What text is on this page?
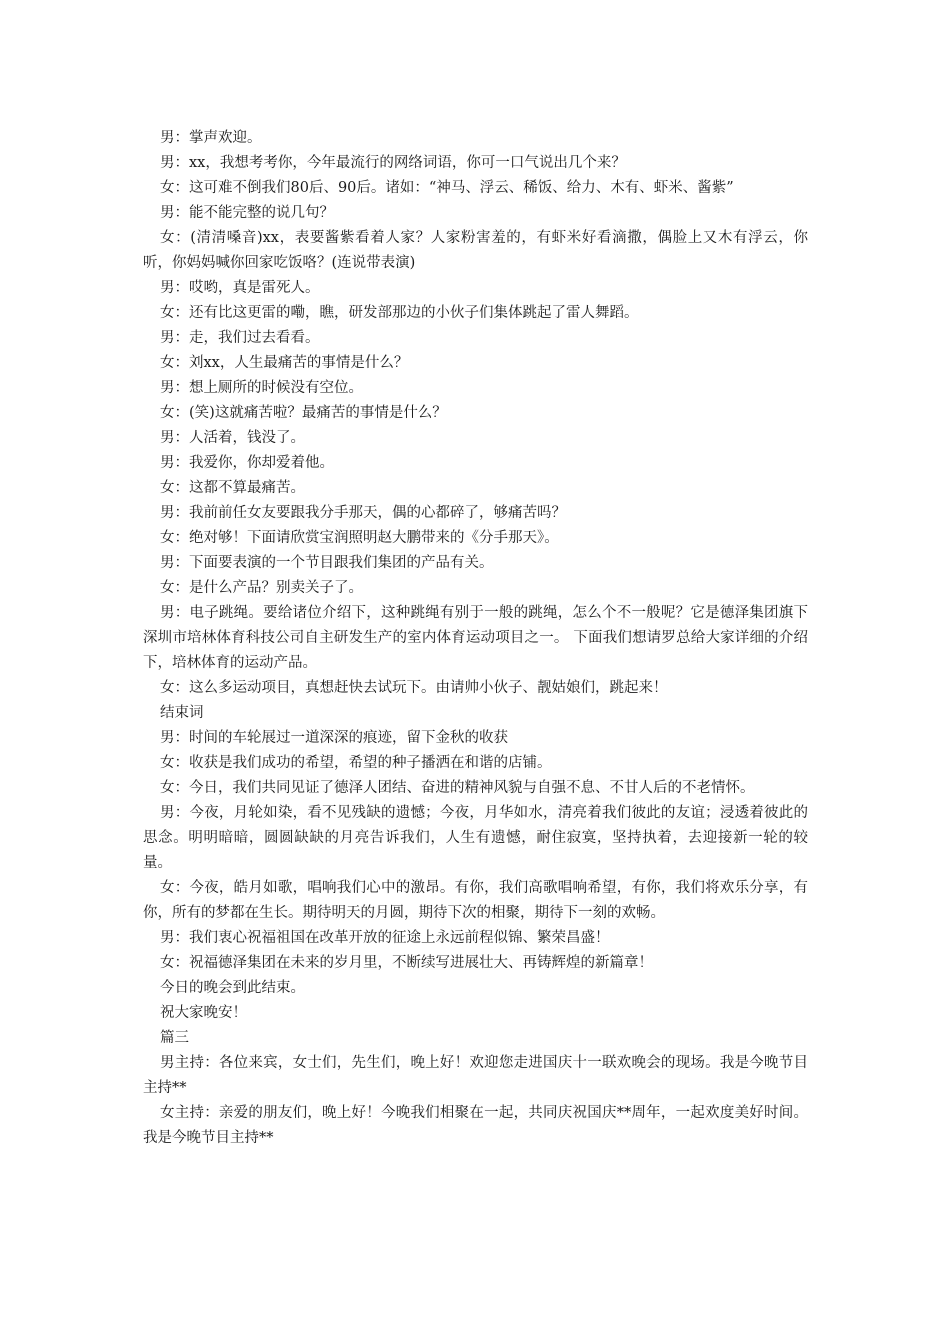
男：掌声欢迎。

男：xx，我想考考你，今年最流行的网络词语，你可一口气说出几个来？

女：这可难不倒我们80后、90后。诸如：“神马、浮云、稀饭、给力、木有、虾米、酱紫”

男：能不能完整的说几句？

女：(清清嗓音)xx，表要酱紫看着人家？人家粉害羞的，有虾米好看滴撒，偶脸上又木有浮云，你听，你妈妈喊你回家吃饭咯？(连说带表演)

男：哎哟，真是雷死人。

女：还有比这更雷的嘞，瞧，研发部那边的小伙子们集体跳起了雷人舞蹈。

男：走，我们过去看看。

女：刘xx，人生最痛苦的事情是什么？

男：想上厕所的时候没有空位。

女：(笑)这就痛苦啦？最痛苦的事情是什么？

男：人活着，钱没了。

男：我爱你，你却爱着他。

女：这都不算最痛苦。

男：我前前任女友要跟我分手那天，偶的心都碎了，够痛苦吗？

女：绝对够！下面请欣赏宝润照明赵大鹏带来的《分手那天》。

男：下面要表演的一个节目跟我们集团的产品有关。

女：是什么产品？别卖关子了。

男：电子跳绳。要给诸位介绍下，这种跳绳有别于一般的跳绳，怎么个不一般呢？它是德泽集团旗下深圳市培林体育科技公司自主研发生产的室内体育运动项目之一。 下面我们想请罗总给大家详细的介绍下，培林体育的运动产品。

女：这么多运动项目，真想赶快去试玩下。由请帅小伙子、靓姑娘们，跳起来！

结束词

男：时间的车轮展过一道深深的痕迹，留下金秋的收获

女：收获是我们成功的希望，希望的种子播洒在和谐的店铺。

女：今日，我们共同见证了德泽人团结、奋进的精神风貌与自强不息、不甘人后的不老情怀。

男：今夜，月轮如染，看不见残缺的遗憾；今夜，月华如水，清亮着我们彼此的友谊；浸透着彼此的思念。明明暗暗，圆圆缺缺的月亮告诉我们，人生有遗憾，耐住寂寞，坚持执着，去迎接新一轮的较量。

女：今夜，皓月如歌，唱响我们心中的激昂。有你，我们高歌唱响希望，有你，我们将欢乐分享，有你，所有的梦都在生长。期待明天的月圆，期待下次的相聚，期待下一刻的欢畅。

男：我们衷心祝福祖国在改革开放的征途上永远前程似锦、繁荣昌盛！

女：祝福德泽集团在未来的岁月里，不断续写进展壮大、再铸辉煌的新篇章！

今日的晚会到此结束。

祝大家晚安！

篇三

男主持：各位来宾，女士们，先生们，晚上好！欢迎您走进国庆十一联欢晚会的现场。我是今晚节目主持**

女主持：亲爱的朋友们，晚上好！今晚我们相聚在一起，共同庆祝国庆**周年，一起欢度美好时间。我是今晚节目主持**
